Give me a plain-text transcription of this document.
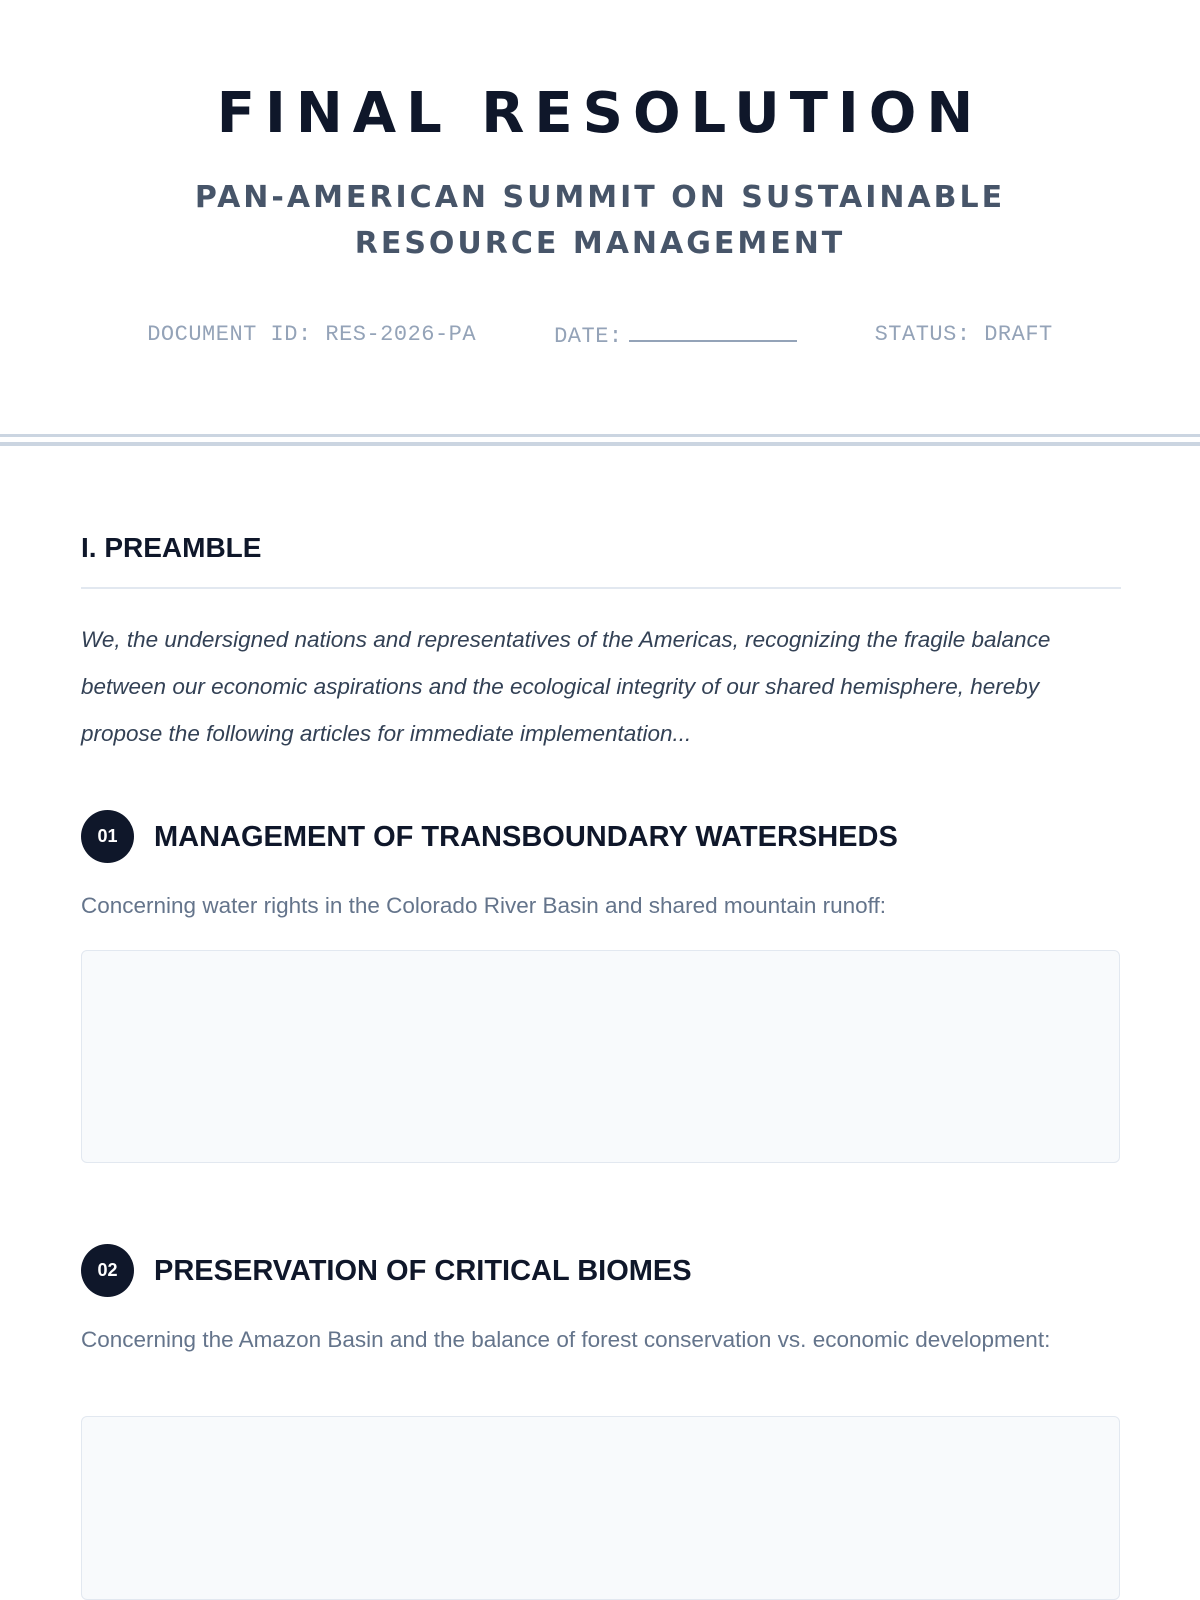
FINAL RESOLUTION
PAN-AMERICAN SUMMIT ON SUSTAINABLE RESOURCE MANAGEMENT
DOCUMENT ID: RES-2026-PA	DATE:	STATUS: DRAFT
I. PREAMBLE

We, the undersigned nations and representatives of the Americas, recognizing the fragile balance between our economic aspirations and the ecological integrity of our shared hemisphere, hereby propose the following articles for immediate implementation...

01	MANAGEMENT OF TRANSBOUNDARY WATERSHEDS

Concerning water rights in the Colorado River Basin and shared mountain runoff:

02	PRESERVATION OF CRITICAL BIOMES

Concerning the Amazon Basin and the balance of forest conservation vs. economic development:
